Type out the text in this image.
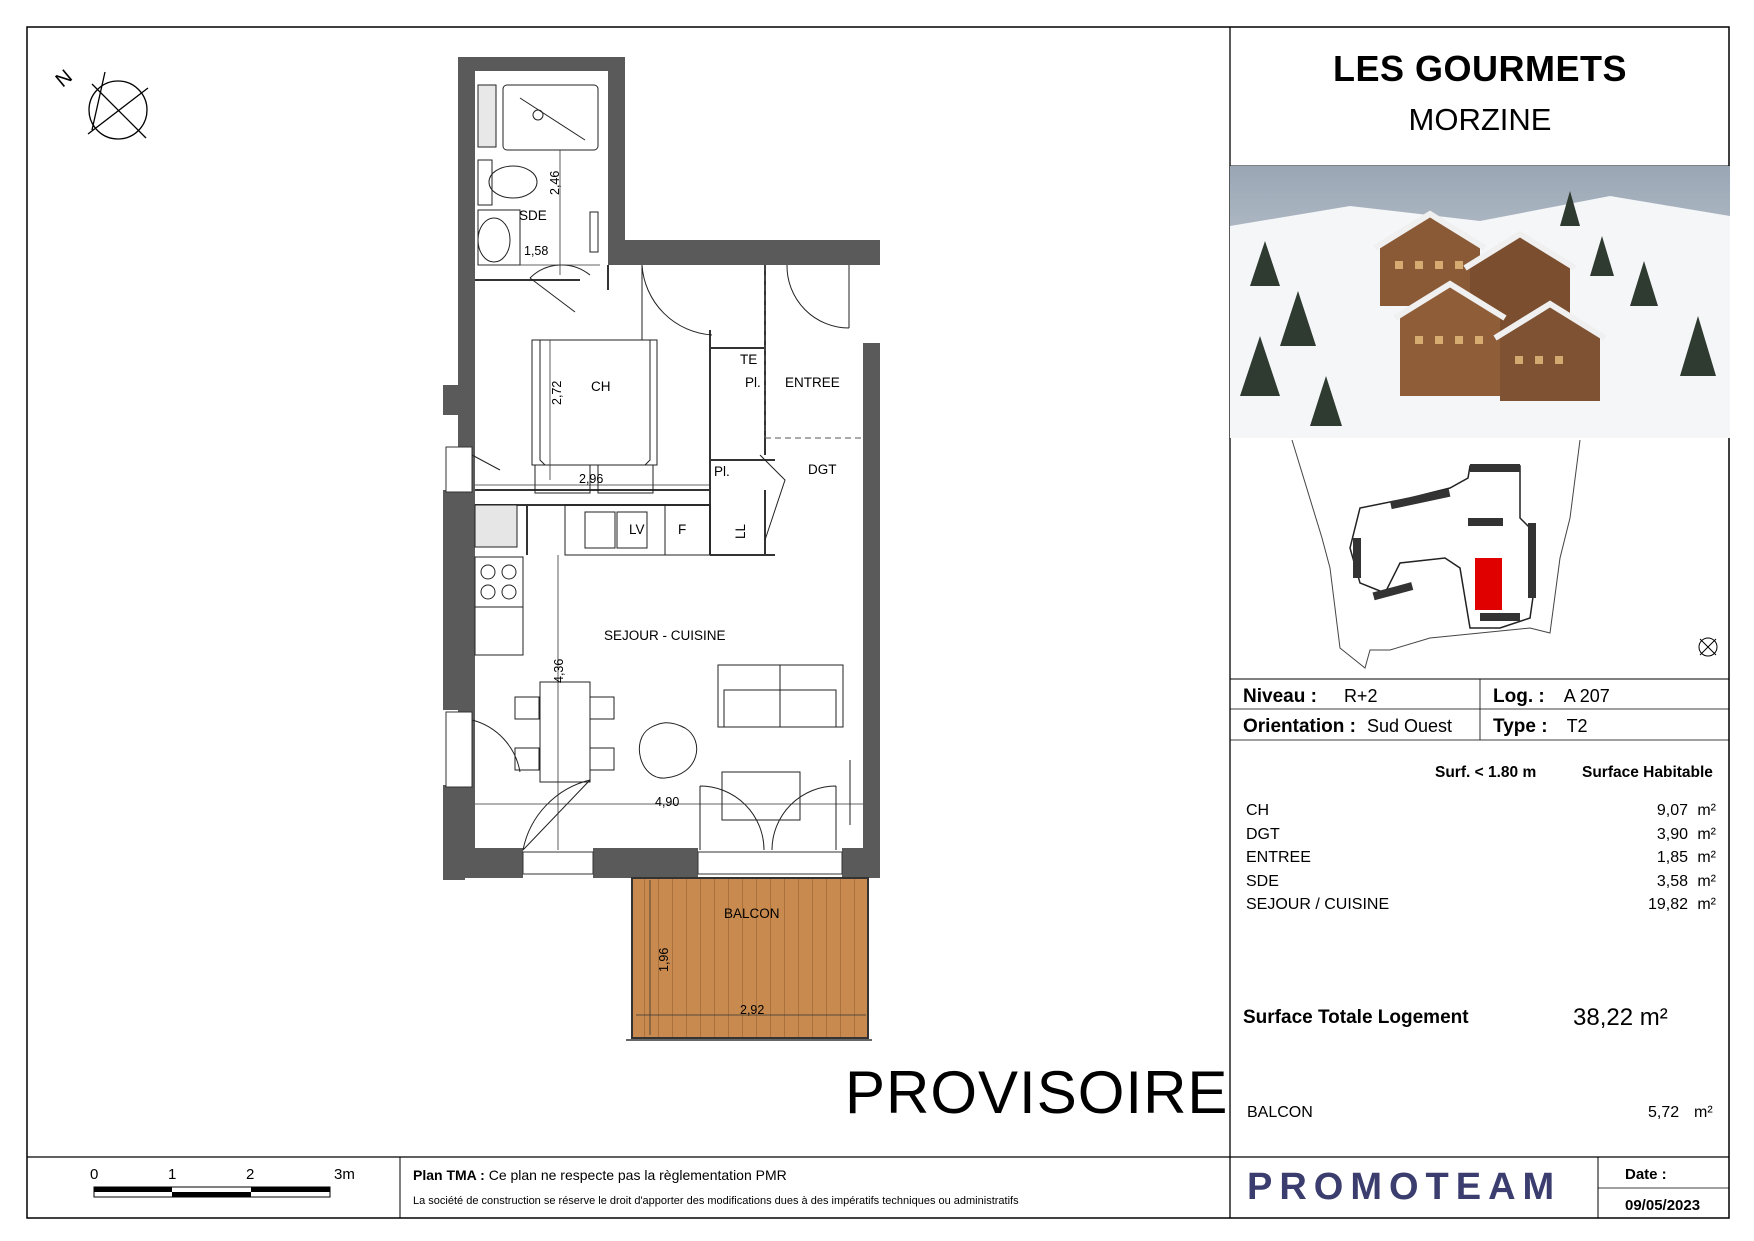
N
SDE
CH
TE
Pl. ENTREE
Pl.	DGT
LV F	LL
SEJOUR - CUISINE
BALCON
2,46
1,58
2,72
2,96
4,36
4,90
1,96
2,92
PROVISOIRE
LES GOURMETS
MORZINE
Niveau : R+2	Log. : A 207
Orientation : Sud Ouest Type : T2
Surf. < 1.80 m	Surface Habitable
CH	9,07 m²
DGT	3,90 m²
ENTREE	1,85 m²
SDE	3,58 m²
SEJOUR / CUISINE	19,82 m²
Surface Totale Logement	38,22 m²
BALCON	5,72 m²
0	1	2	3m	Plan TMA : Ce plan ne respecte pas la règlementation PMR
La société de construction se réserve le droit d'apporter des modifications dues à des impératifs techniques ou administratifs	PROMOTEAM	Date :
09/05/2023
